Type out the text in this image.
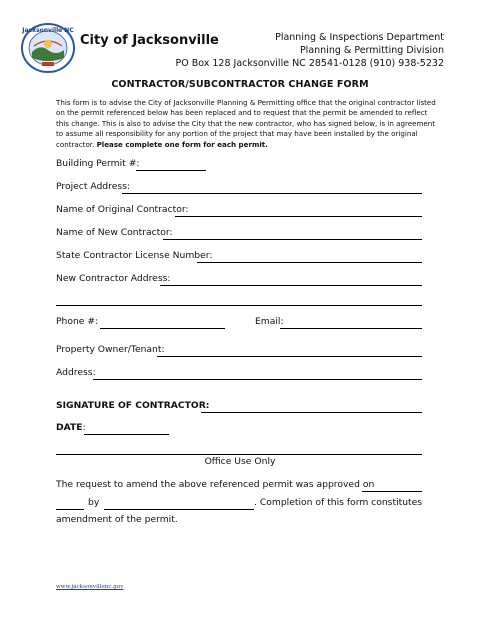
Jacksonville NC
City of Jacksonville	Planning & Inspections Department
Planning & Permitting Division
PO Box 128 Jacksonville NC 28541-0128 (910) 938-5232
CONTRACTOR/SUBCONTRACTOR CHANGE FORM
This form is to advise the City of Jacksonville Planning & Permitting office that the original contractor listed on the permit referenced below has been replaced and to request that the permit be amended to reflect this change. This is also to advise the City that the new contractor, who has signed below, is in agreement to assume all responsibility for any portion of the project that may have been installed by the original contractor. Please complete one form for each permit.
Building Permit #:
Project Address:
Name of Original Contractor:
Name of New Contractor:
State Contractor License Number:
New Contractor Address:
Phone #:	Email:
Property Owner/Tenant:
Address:
SIGNATURE OF CONTRACTOR:
DATE:
Office Use Only
The request to amend the above referenced permit was approved on
by	. Completion of this form constitutes
amendment of the permit.
www.jacksonvillenc.gov
